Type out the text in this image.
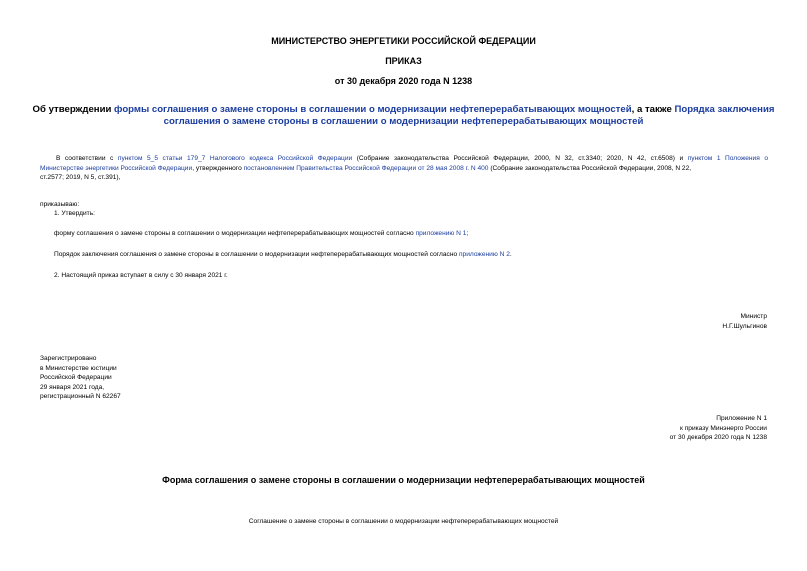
МИНИСТЕРСТВО ЭНЕРГЕТИКИ РОССИЙСКОЙ ФЕДЕРАЦИИ
ПРИКАЗ
от 30 декабря 2020 года N 1238
Об утверждении формы соглашения о замене стороны в соглашении о модернизации нефтеперерабатывающих мощностей, а также Порядка заключения
соглашения о замене стороны в соглашении о модернизации нефтеперерабатывающих мощностей
В соответствии с пунктом 5_5 статьи 179_7 Налогового кодекса Российской Федерации (Собрание законодательства Российской Федерации, 2000, N 32, ст.3340; 2020, N 42, ст.6508) и пунктом 1 Положения о
Министерстве энергетики Российской Федерации, утвержденного постановлением Правительства Российской Федерации от 28 мая 2008 г. N 400 (Собрание законодательства Российской Федерации, 2008, N 22,
ст.2577; 2019, N 5, ст.391),
приказываю:
1. Утвердить:
форму соглашения о замене стороны в соглашении о модернизации нефтеперерабатывающих мощностей согласно приложению N 1;
Порядок заключения соглашения о замене стороны в соглашении о модернизации нефтеперерабатывающих мощностей согласно приложению N 2.
2. Настоящий приказ вступает в силу с 30 января 2021 г.
Министр
Н.Г.Шульгинов
Зарегистрировано
в Министерстве юстиции
Российской Федерации
29 января 2021 года,
регистрационный N 62267
Приложение N 1
к приказу Минэнерго России
от 30 декабря 2020 года N 1238
Форма соглашения о замене стороны в соглашении о модернизации нефтеперерабатывающих мощностей
Соглашение о замене стороны в соглашении о модернизации нефтеперерабатывающих мощностей
